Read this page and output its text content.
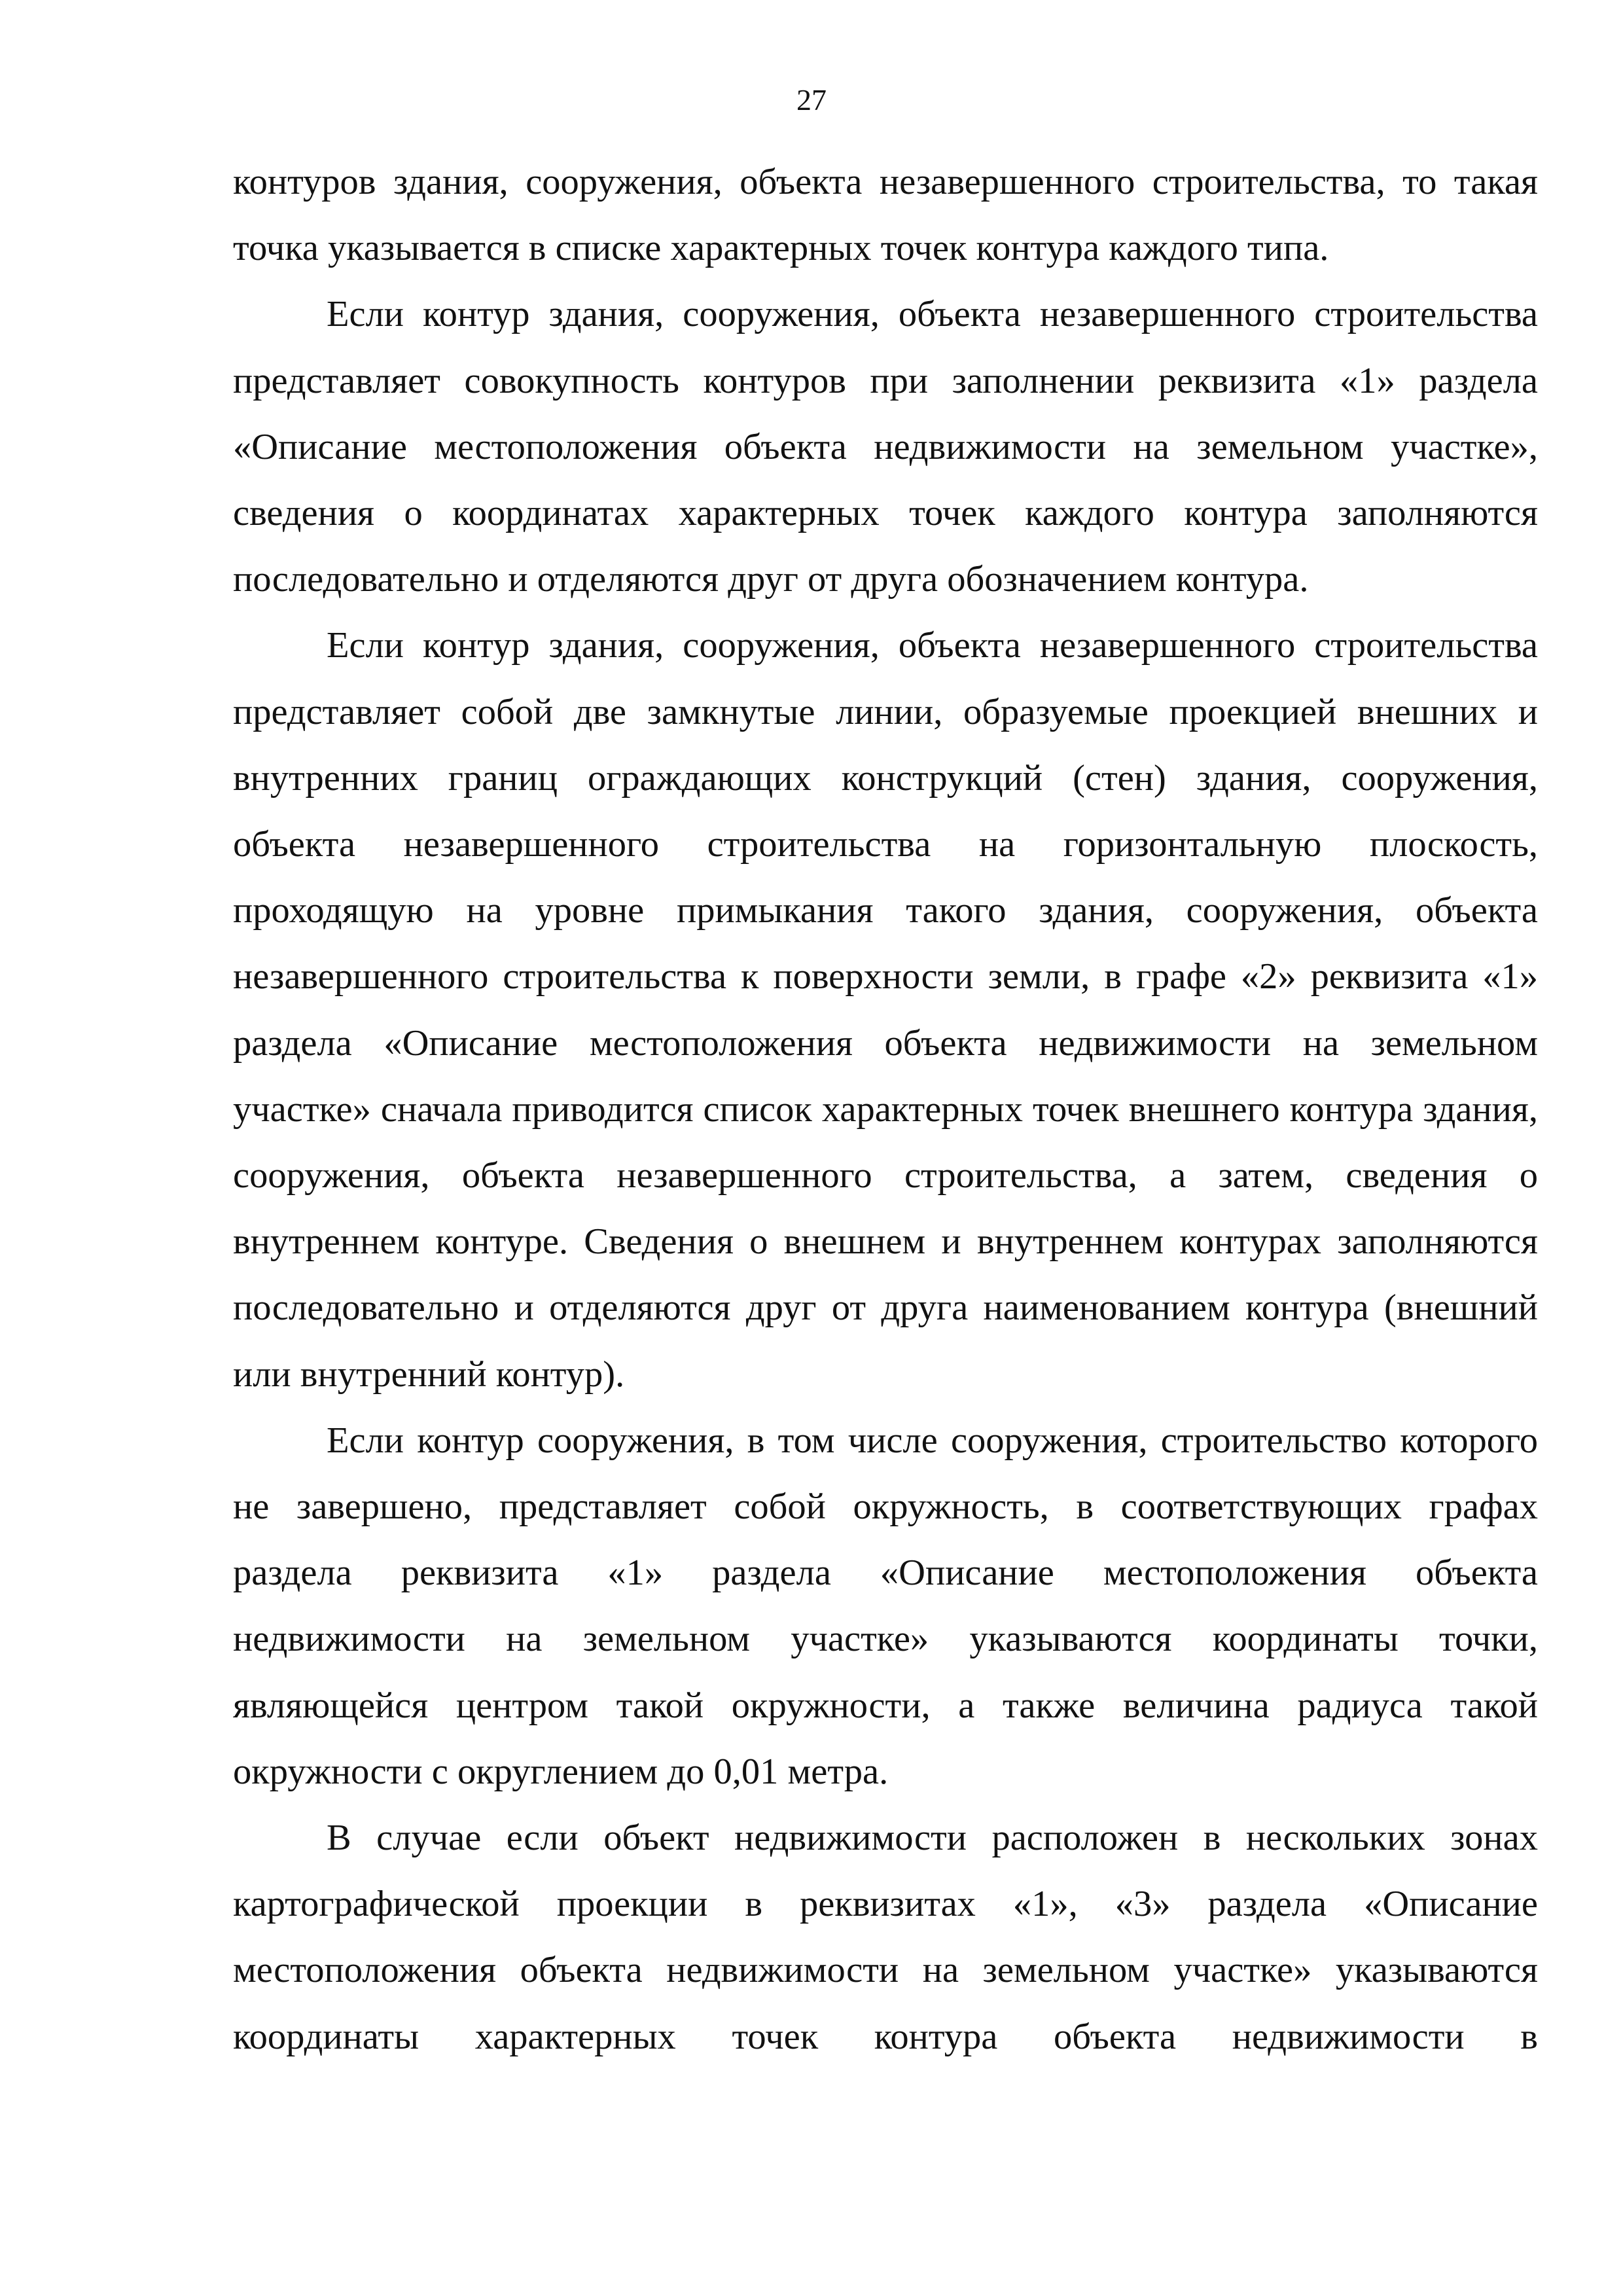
27

контуров здания, сооружения, объекта незавершенного строительства, то такая точка указывается в списке характерных точек контура каждого типа.

Если контур здания, сооружения, объекта незавершенного строительства представляет совокупность контуров при заполнении реквизита «1» раздела «Описание местоположения объекта недвижимости на земельном участке», сведения о координатах характерных точек каждого контура заполняются последовательно и отделяются друг от друга обозначением контура.

Если контур здания, сооружения, объекта незавершенного строительства представляет собой две замкнутые линии, образуемые проекцией внешних и внутренних границ ограждающих конструкций (стен) здания, сооружения, объекта незавершенного строительства на горизонтальную плоскость, проходящую на уровне примыкания такого здания, сооружения, объекта незавершенного строительства к поверхности земли, в графе «2» реквизита «1» раздела «Описание местоположения объекта недвижимости на земельном участке» сначала приводится список характерных точек внешнего контура здания, сооружения, объекта незавершенного строительства, а затем, сведения о внутреннем контуре. Сведения о внешнем и внутреннем контурах заполняются последовательно и отделяются друг от друга наименованием контура (внешний или внутренний контур).

Если контур сооружения, в том числе сооружения, строительство которого не завершено, представляет собой окружность, в соответствующих графах раздела реквизита «1» раздела «Описание местоположения объекта недвижимости на земельном участке» указываются координаты точки, являющейся центром такой окружности, а также величина радиуса такой окружности с округлением до 0,01 метра.

В случае если объект недвижимости расположен в нескольких зонах картографической проекции в реквизитах «1», «3» раздела «Описание местоположения объекта недвижимости на земельном участке» указываются координаты характерных точек контура объекта недвижимости в
